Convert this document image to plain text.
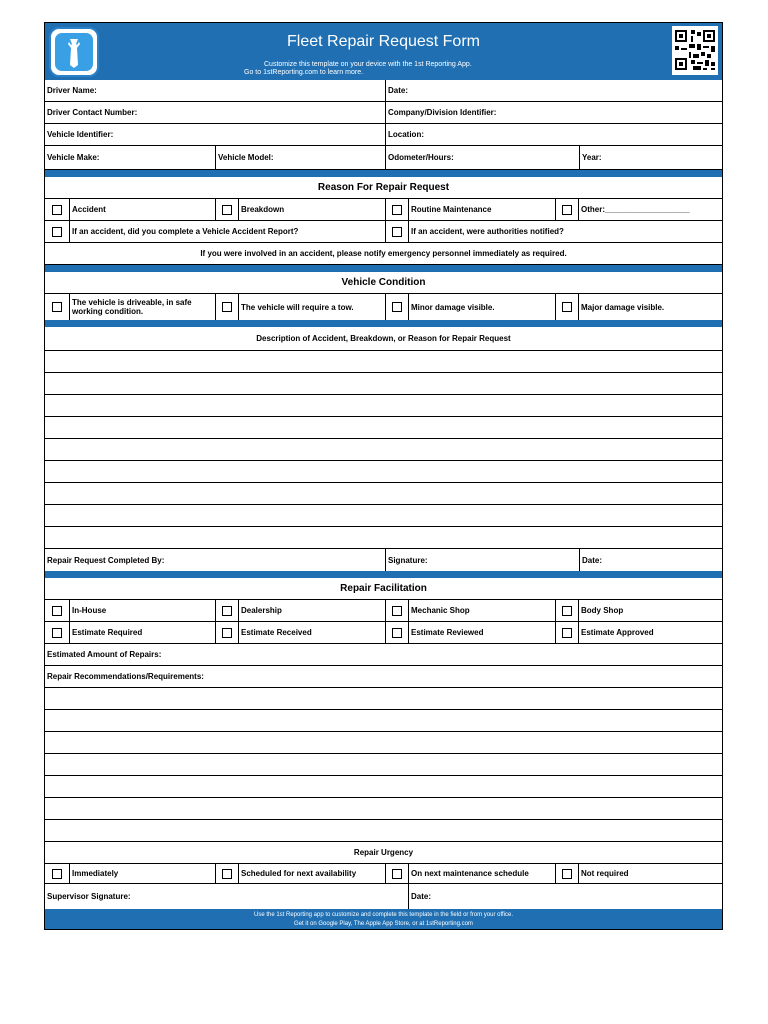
Fleet Repair Request Form
Customize this template on your device with the 1st Reporting App.
Go to 1stReporting.com to learn more.
Driver Name:	Date:
Driver Contact Number:	Company/Division Identifier:
Vehicle Identifier:	Location:
Vehicle Make:	Vehicle Model:	Odometer/Hours:	Year:
Reason For Repair Request
Accident	Breakdown	Routine Maintenance	Other:___________________
If an accident, did you complete a Vehicle Accident Report?	If an accident, were authorities notified?
If you were involved in an accident, please notify emergency personnel immediately as required.
Vehicle Condition
The vehicle is driveable, in safe working condition.	The vehicle will require a tow.	Minor damage visible.	Major damage visible.
Description of Accident, Breakdown, or Reason for Repair Request
Repair Request Completed By:	Signature:	Date:
Repair Facilitation
In-House	Dealership	Mechanic Shop	Body Shop
Estimate Required	Estimate Received	Estimate Reviewed	Estimate Approved
Estimated Amount of Repairs:
Repair Recommendations/Requirements:
Repair Urgency
Immediately	Scheduled for next availability	On next maintenance schedule	Not required
Supervisor Signature:	Date:
Use the 1st Reporting app to customize and complete this template in the field or from your office.
Get it on Google Play, The Apple App Store, or at 1stReporting.com
